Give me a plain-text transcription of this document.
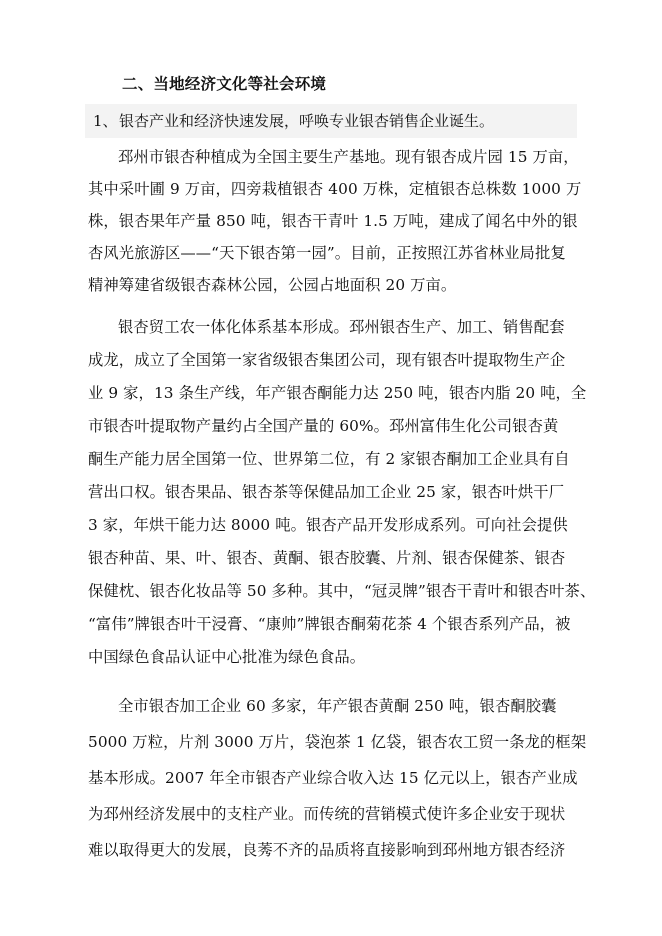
二、当地经济文化等社会环境
1、 银杏产业和经济快速发展，呼唤专业银杏销售企业诞生。
邳州市银杏种植成为全国主要生产基地。现有银杏成片园 15 万亩，
其中采叶圃 9 万亩，四旁栽植银杏 400 万株，定植银杏总株数 1000 万
株，银杏果年产量 850 吨，银杏干青叶 1.5 万吨，建成了闻名中外的银
杏风光旅游区——“天下银杏第一园”。目前，正按照江苏省林业局批复
精神筹建省级银杏森林公园，公园占地面积 20 万亩。
银杏贸工农一体化体系基本形成。邳州银杏生产、加工、销售配套
成龙，成立了全国第一家省级银杏集团公司，现有银杏叶提取物生产企
业 9 家，13 条生产线，年产银杏酮能力达 250 吨，银杏内脂 20 吨，全
市银杏叶提取物产量约占全国产量的 60%。邳州富伟生化公司银杏黄
酮生产能力居全国第一位、世界第二位，有 2 家银杏酮加工企业具有自
营出口权。银杏果品、银杏茶等保健品加工企业 25 家，银杏叶烘干厂
3 家，年烘干能力达 8000 吨。银杏产品开发形成系列。可向社会提供
银杏种苗、果、叶、银杏、黄酮、银杏胶囊、片剂、银杏保健茶、银杏
保健枕、银杏化妆品等 50 多种。其中，“冠灵牌”银杏干青叶和银杏叶茶、
“富伟”牌银杏叶干浸膏、“康帅”牌银杏酮菊花茶 4 个银杏系列产品，被
中国绿色食品认证中心批准为绿色食品。
全市银杏加工企业 60 多家，年产银杏黄酮 250 吨，银杏酮胶囊
5000 万粒，片剂 3000 万片，袋泡茶 1 亿袋，银杏农工贸一条龙的框架
基本形成。2007 年全市银杏产业综合收入达 15 亿元以上，银杏产业成
为邳州经济发展中的支柱产业。而传统的营销模式使许多企业安于现状
难以取得更大的发展，良莠不齐的品质将直接影响到邳州地方银杏经济
